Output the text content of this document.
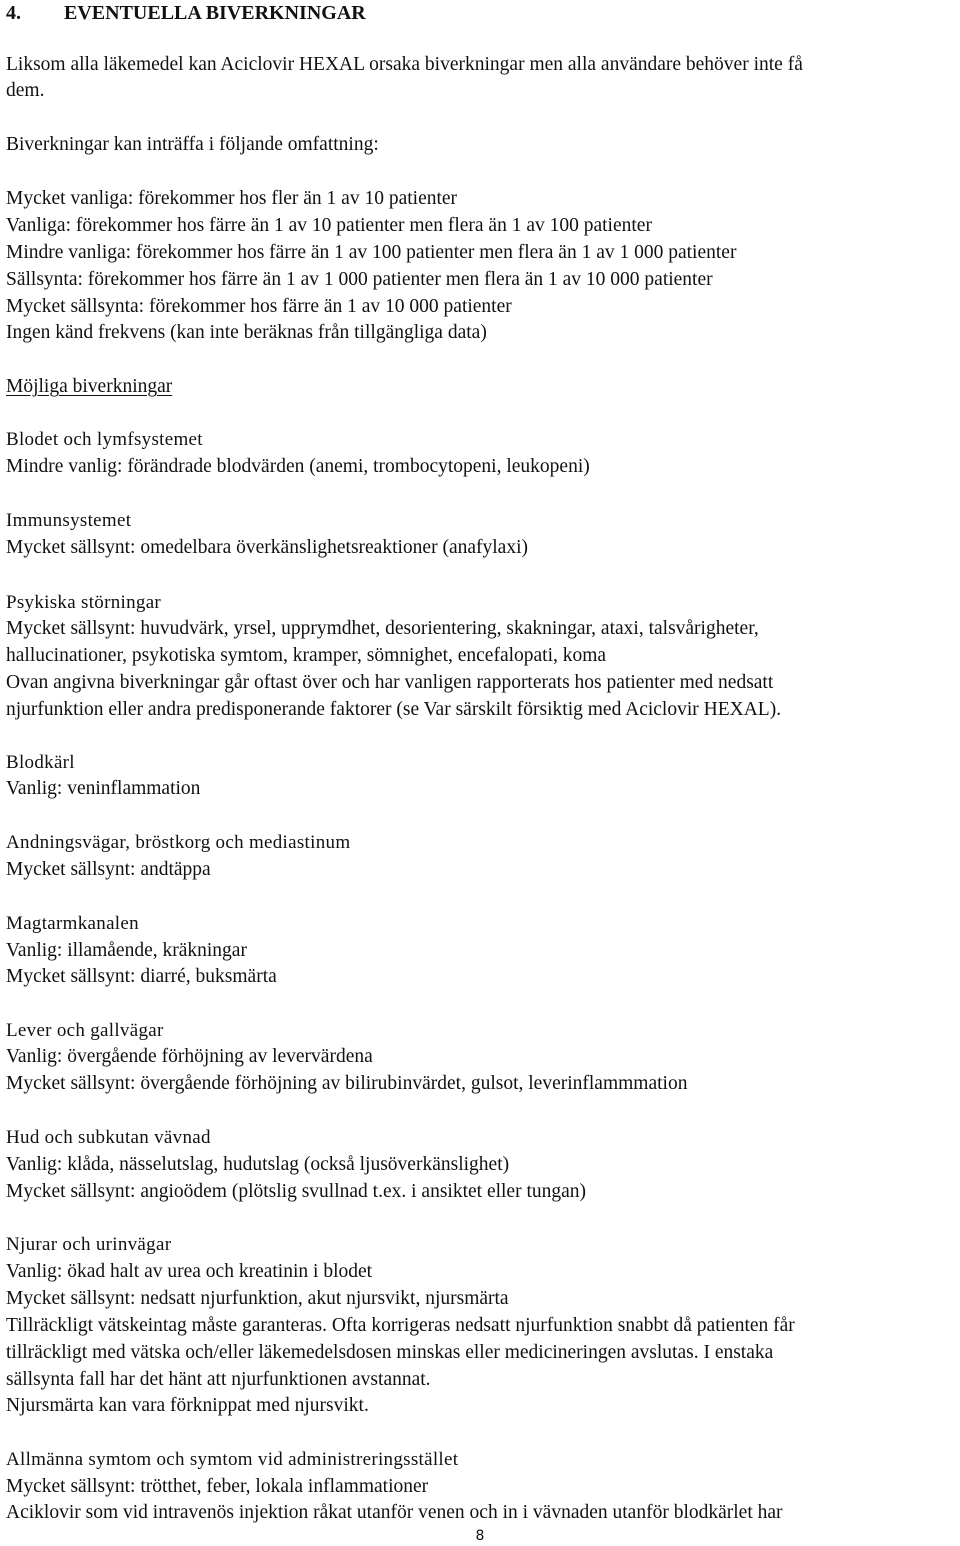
4. EVENTUELLA BIVERKNINGAR
Liksom alla läkemedel kan Aciclovir HEXAL orsaka biverkningar men alla användare behöver inte få
dem.
Biverkningar kan inträffa i följande omfattning:
Mycket vanliga: förekommer hos fler än 1 av 10 patienter
Vanliga: förekommer hos färre än 1 av 10 patienter men flera än 1 av 100 patienter
Mindre vanliga: förekommer hos färre än 1 av 100 patienter men flera än 1 av 1 000 patienter
Sällsynta: förekommer hos färre än 1 av 1 000 patienter men flera än 1 av 10 000 patienter
Mycket sällsynta: förekommer hos färre än 1 av 10 000 patienter
Ingen känd frekvens (kan inte beräknas från tillgängliga data)
Möjliga biverkningar
Blodet och lymfsystemet
Mindre vanlig: förändrade blodvärden (anemi, trombocytopeni, leukopeni)
Immunsystemet
Mycket sällsynt: omedelbara överkänslighetsreaktioner (anafylaxi)
Psykiska störningar
Mycket sällsynt: huvudvärk, yrsel, upprymdhet, desorientering, skakningar, ataxi, talsvårigheter,
hallucinationer, psykotiska symtom, kramper, sömnighet, encefalopati, koma
Ovan angivna biverkningar går oftast över och har vanligen rapporterats hos patienter med nedsatt
njurfunktion eller andra predisponerande faktorer (se Var särskilt försiktig med Aciclovir HEXAL).
Blodkärl
Vanlig: veninflammation
Andningsvägar, bröstkorg och mediastinum
Mycket sällsynt: andtäppa
Magtarmkanalen
Vanlig: illamående, kräkningar
Mycket sällsynt: diarré, buksmärta
Lever och gallvägar
Vanlig: övergående förhöjning av levervärdena
Mycket sällsynt: övergående förhöjning av bilirubinvärdet, gulsot, leverinflammmation
Hud och subkutan vävnad
Vanlig: klåda, nässelutslag, hudutslag (också ljusöverkänslighet)
Mycket sällsynt: angioödem (plötslig svullnad t.ex. i ansiktet eller tungan)
Njurar och urinvägar
Vanlig: ökad halt av urea och kreatinin i blodet
Mycket sällsynt: nedsatt njurfunktion, akut njursvikt, njursmärta
Tillräckligt vätskeintag måste garanteras. Ofta korrigeras nedsatt njurfunktion snabbt då patienten får
tillräckligt med vätska och/eller läkemedelsdosen minskas eller medicineringen avslutas. I enstaka
sällsynta fall har det hänt att njurfunktionen avstannat.
Njursmärta kan vara förknippat med njursvikt.
Allmänna symtom och symtom vid administreringsstället
Mycket sällsynt: trötthet, feber, lokala inflammationer
Aciklovir som vid intravenös injektion råkat utanför venen och in i vävnaden utanför blodkärlet har
8
